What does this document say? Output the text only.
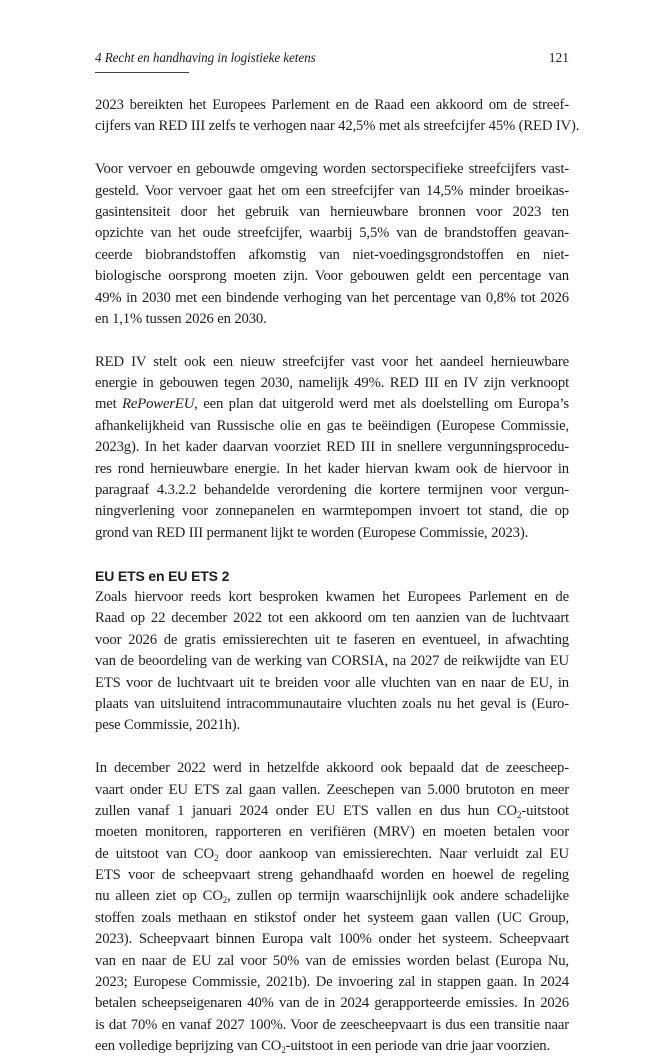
4 Recht en handhaving in logistieke ketens	121
2023 bereikten het Europees Parlement en de Raad een akkoord om de streef-
cijfers van RED III zelfs te verhogen naar 42,5% met als streefcijfer 45% (RED IV).
Voor vervoer en gebouwde omgeving worden sectorspecifieke streefcijfers vast-
gesteld. Voor vervoer gaat het om een streefcijfer van 14,5% minder broeikas-
gasintensiteit door het gebruik van hernieuwbare bronnen voor 2023 ten
opzichte van het oude streefcijfer, waarbij 5,5% van de brandstoffen geavan-
ceerde biobrandstoffen afkomstig van niet-voedingsgrondstoffen en niet-
biologische oorsprong moeten zijn. Voor gebouwen geldt een percentage van
49% in 2030 met een bindende verhoging van het percentage van 0,8% tot 2026
en 1,1% tussen 2026 en 2030.
RED IV stelt ook een nieuw streefcijfer vast voor het aandeel hernieuwbare
energie in gebouwen tegen 2030, namelijk 49%. RED III en IV zijn verknoopt
met RePowerEU, een plan dat uitgerold werd met als doelstelling om Europa’s
afhankelijkheid van Russische olie en gas te beëindigen (Europese Commissie,
2023g). In het kader daarvan voorziet RED III in snellere vergunningsprocedu-
res rond hernieuwbare energie. In het kader hiervan kwam ook de hiervoor in
paragraaf 4.3.2.2 behandelde verordening die kortere termijnen voor vergun-
ningverlening voor zonnepanelen en warmtepompen invoert tot stand, die op
grond van RED III permanent lijkt te worden (Europese Commissie, 2023).
EU ETS en EU ETS 2
Zoals hiervoor reeds kort besproken kwamen het Europees Parlement en de
Raad op 22 december 2022 tot een akkoord om ten aanzien van de luchtvaart
voor 2026 de gratis emissierechten uit te faseren en eventueel, in afwachting
van de beoordeling van de werking van CORSIA, na 2027 de reikwijdte van EU
ETS voor de luchtvaart uit te breiden voor alle vluchten van en naar de EU, in
plaats van uitsluitend intracommunautaire vluchten zoals nu het geval is (Euro-
pese Commissie, 2021h).
In december 2022 werd in hetzelfde akkoord ook bepaald dat de zeescheep-
vaart onder EU ETS zal gaan vallen. Zeeschepen van 5.000 brutoton en meer
zullen vanaf 1 januari 2024 onder EU ETS vallen en dus hun $CO_2$-uitstoot
moeten monitoren, rapporteren en verifiëren (MRV) en moeten betalen voor
de uitstoot van $CO_2$ door aankoop van emissierechten. Naar verluidt zal EU
ETS voor de scheepvaart streng gehandhaafd worden en hoewel de regeling
nu alleen ziet op $CO_2$, zullen op termijn waarschijnlijk ook andere schadelijke
stoffen zoals methaan en stikstof onder het systeem gaan vallen (UC Group,
2023). Scheepvaart binnen Europa valt 100% onder het systeem. Scheepvaart
van en naar de EU zal voor 50% van de emissies worden belast (Europa Nu,
2023; Europese Commissie, 2021b). De invoering zal in stappen gaan. In 2024
betalen scheepseigenaren 40% van de in 2024 gerapporteerde emissies. In 2026
is dat 70% en vanaf 2027 100%. Voor de zeescheepvaart is dus een transitie naar
een volledige beprijzing van $CO_2$-uitstoot in een periode van drie jaar voorzien.
